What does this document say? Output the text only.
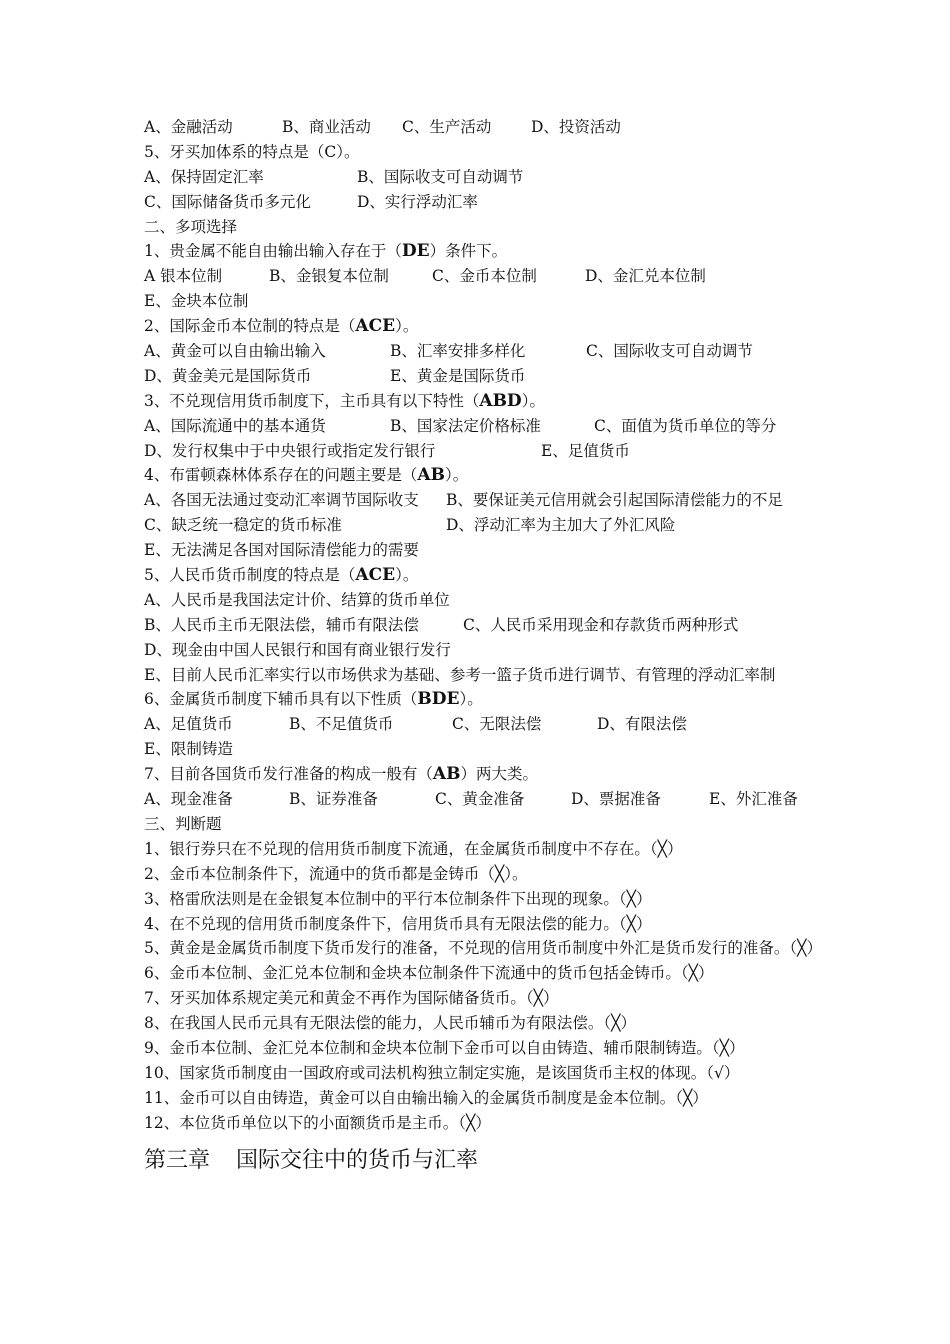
A、金融活动	B、商业活动 C、生产活动	D、投资活动
5、牙买加体系的特点是（C）。
A、保持固定汇率	B、国际收支可自动调节
C、国际储备货币多元化	D、实行浮动汇率
二、多项选择
1、贵金属不能自由输出输入存在于（DE）条件下。
A 银本位制	B、金银复本位制	C、金币本位制	D、金汇兑本位制
E、金块本位制
2、国际金币本位制的特点是（ACE）。
A、黄金可以自由输出输入	B、汇率安排多样化	C、国际收支可自动调节
D、黄金美元是国际货币	E、黄金是国际货币
3、不兑现信用货币制度下，主币具有以下特性（ABD）。
A、国际流通中的基本通货	B、国家法定价格标准	C、面值为货币单位的等分
D、发行权集中于中央银行或指定发行银行	E、足值货币
4、布雷顿森林体系存在的问题主要是（AB）。
A、各国无法通过变动汇率调节国际收支 B、要保证美元信用就会引起国际清偿能力的不足
C、缺乏统一稳定的货币标准	D、浮动汇率为主加大了外汇风险
E、无法满足各国对国际清偿能力的需要
5、人民币货币制度的特点是（ACE）。
A、人民币是我国法定计价、结算的货币单位
B、人民币主币无限法偿，辅币有限法偿	C、人民币采用现金和存款货币两种形式
D、现金由中国人民银行和国有商业银行发行
E、目前人民币汇率实行以市场供求为基础、参考一篮子货币进行调节、有管理的浮动汇率制
6、金属货币制度下辅币具有以下性质（BDE）。
A、足值货币	B、不足值货币	C、无限法偿	D、有限法偿
E、限制铸造
7、目前各国货币发行准备的构成一般有（AB）两大类。
A、现金准备	B、证券准备	C、黄金准备	D、票据准备	E、外汇准备
三、判断题
1、银行券只在不兑现的信用货币制度下流通，在金属货币制度中不存在。（╳）
2、金币本位制条件下，流通中的货币都是金铸币（╳）。
3、格雷欣法则是在金银复本位制中的平行本位制条件下出现的现象。（╳）
4、在不兑现的信用货币制度条件下，信用货币具有无限法偿的能力。（╳）
5、黄金是金属货币制度下货币发行的准备，不兑现的信用货币制度中外汇是货币发行的准备。（╳）
6、金币本位制、金汇兑本位制和金块本位制条件下流通中的货币包括金铸币。（╳）
7、牙买加体系规定美元和黄金不再作为国际储备货币。（╳）
8、在我国人民币元具有无限法偿的能力，人民币辅币为有限法偿。（╳）
9、金币本位制、金汇兑本位制和金块本位制下金币可以自由铸造、辅币限制铸造。（╳）
10、国家货币制度由一国政府或司法机构独立制定实施，是该国货币主权的体现。（√）
11、金币可以自由铸造，黄金可以自由输出输入的金属货币制度是金本位制。（╳）
12、本位货币单位以下的小面额货币是主币。（╳）
第三章 国际交往中的货币与汇率
